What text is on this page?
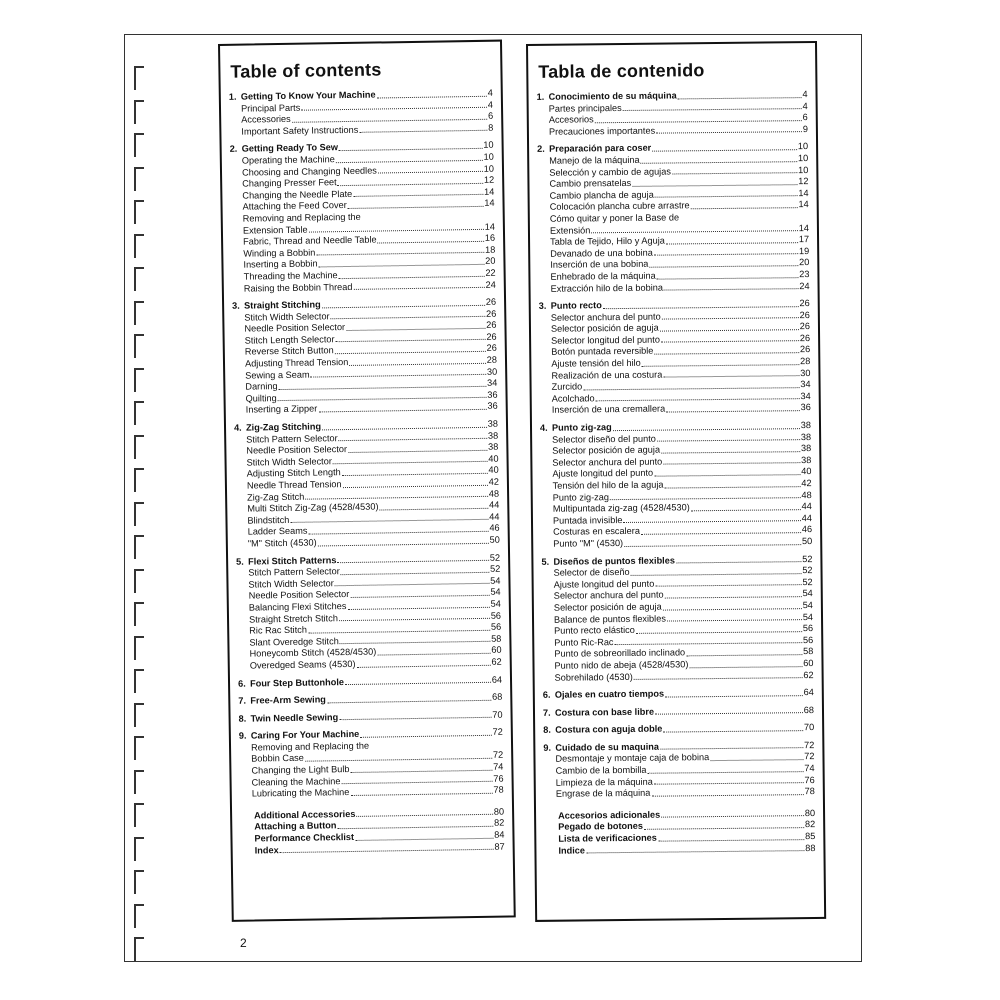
Table of contents
1. Getting To Know Your Machine	4
Principal Parts	4
Accessories	6
Important Safety Instructions	8
2. Getting Ready To Sew	10
Operating the Machine	10
Choosing and Changing Needles	10
Changing Presser Feet	12
Changing the Needle Plate	14
Attaching the Feed Cover	14
Removing and Replacing the
Extension Table	14
Fabric, Thread and Needle Table	16
Winding a Bobbin	18
Inserting a Bobbin	20
Threading the Machine	22
Raising the Bobbin Thread	24
3. Straight Stitching	26
Stitch Width Selector	26
Needle Position Selector	26
Stitch Length Selector	26
Reverse Stitch Button	26
Adjusting Thread Tension	28
Sewing a Seam	30
Darning	34
Quilting	36
Inserting a Zipper	36
4. Zig-Zag Stitching	38
Stitch Pattern Selector	38
Needle Position Selector	38
Stitch Width Selector	40
Adjusting Stitch Length	40
Needle Thread Tension	42
Zig-Zag Stitch	48
Multi Stitch Zig-Zag (4528/4530)	44
Blindstitch	44
Ladder Seams	46
"M" Stitch (4530)	50
5. Flexi Stitch Patterns	52
Stitch Pattern Selector	52
Stitch Width Selector	54
Needle Position Selector	54
Balancing Flexi Stitches	54
Straight Stretch Stitch	56
Ric Rac Stitch	56
Slant Overedge Stitch	58
Honeycomb Stitch (4528/4530)	60
Overedged Seams (4530)	62
6. Four Step Buttonhole	64
7. Free-Arm Sewing	68
8. Twin Needle Sewing	70
9. Caring For Your Machine	72
Removing and Replacing the
Bobbin Case	72
Changing the Light Bulb	74
Cleaning the Machine	76
Lubricating the Machine	78
Additional Accessories	80
Attaching a Button	82
Performance Checklist	84
Index	87
Tabla de contenido
1. Conocimiento de su máquina	4
Partes principales	4
Accesorios	6
Precauciones importantes	9
2. Preparación para coser	10
Manejo de la máquina	10
Selección y cambio de agujas	10
Cambio prensatelas	12
Cambio plancha de aguja	14
Colocación plancha cubre arrastre	14
Cómo quitar y poner la Base de
Extensión	14
Tabla de Tejido, Hilo y Aguja	17
Devanado de una bobina	19
Inserción de una bobina	20
Enhebrado de la máquina	23
Extracción hilo de la bobina	24
3. Punto recto	26
Selector anchura del punto	26
Selector posición de aguja	26
Selector longitud del punto	26
Botón puntada reversible	26
Ajuste tensión del hilo	28
Realización de una costura	30
Zurcido	34
Acolchado	34
Inserción de una cremallera	36
4. Punto zig-zag	38
Selector diseño del punto	38
Selector posición de aguja	38
Selector anchura del punto	38
Ajuste longitud del punto	40
Tensión del hilo de la aguja	42
Punto zig-zag	48
Multipuntada zig-zag (4528/4530)	44
Puntada invisible	44
Costuras en escalera	46
Punto "M" (4530)	50
5. Diseños de puntos flexibles	52
Selector de diseño	52
Ajuste longitud del punto	52
Selector anchura del punto	54
Selector posición de aguja	54
Balance de puntos flexibles	54
Punto recto elástico	56
Punto Ric-Rac	56
Punto de sobreorillado inclinado	58
Punto nido de abeja (4528/4530)	60
Sobrehilado (4530)	62
6. Ojales en cuatro tiempos	64
7. Costura con base libre	68
8. Costura con aguja doble	70
9. Cuidado de su maquina	72
Desmontaje y montaje caja de bobina	72
Cambio de la bombilla	74
Limpieza de la máquina	76
Engrase de la máquina	78
Accesorios adicionales	80
Pegado de botones	82
Lista de verificaciones	85
Indice	88
2
